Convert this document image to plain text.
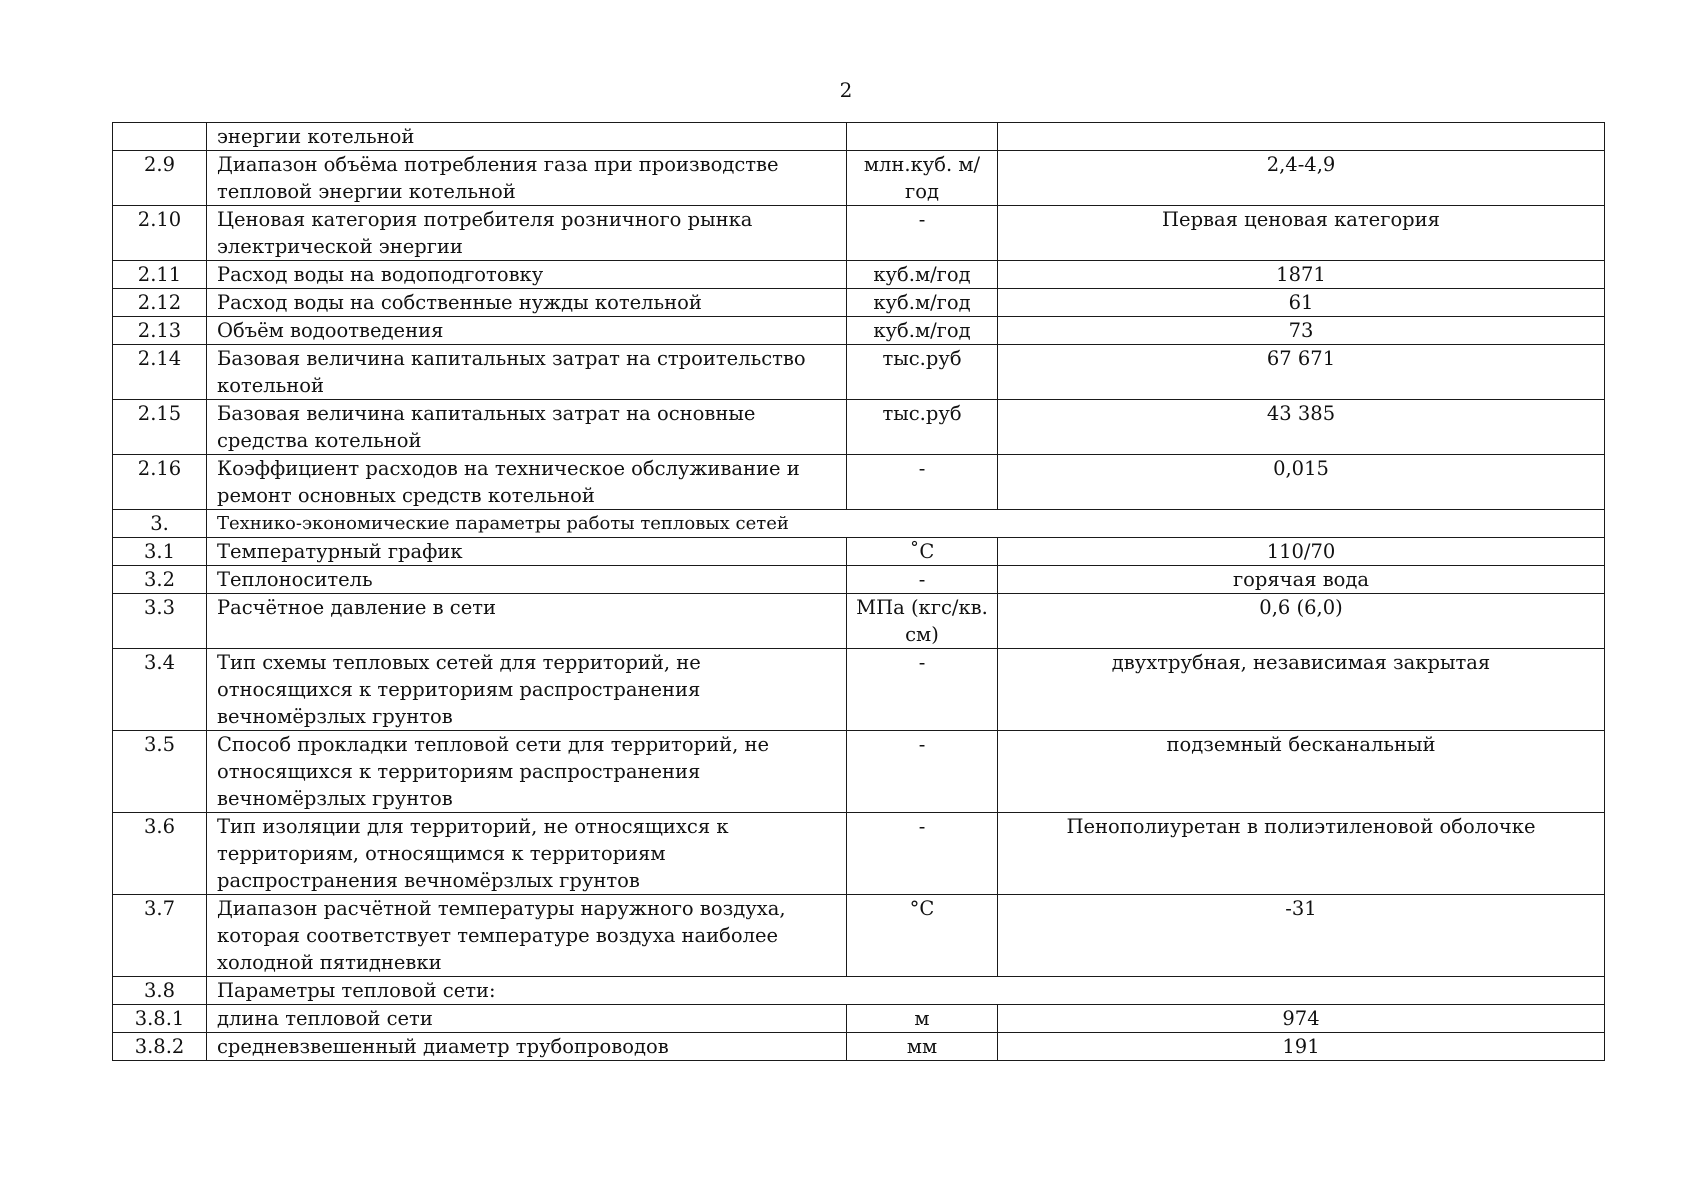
2
	энергии котельной		
2.9	Диапазон объёма потребления газа при производстве тепловой энергии котельной	млн.куб. м/ год	2,4-4,9
2.10	Ценовая категория потребителя розничного рынка электрической энергии	-	Первая ценовая категория
2.11	Расход воды на водоподготовку	куб.м/год	1871
2.12	Расход воды на собственные нужды котельной	куб.м/год	61
2.13	Объём водоотведения	куб.м/год	73
2.14	Базовая величина капитальных затрат на строительство котельной	тыс.руб	67 671
2.15	Базовая величина капитальных затрат на основные средства котельной	тыс.руб	43 385
2.16	Коэффициент расходов на техническое обслуживание и ремонт основных средств котельной	-	0,015
3.	Технико-экономические параметры работы тепловых сетей		
3.1	Температурный график	˚С	110/70
3.2	Теплоноситель	-	горячая вода
3.3	Расчётное давление в сети	МПа (кгс/кв. см)	0,6 (6,0)
3.4	Тип схемы тепловых сетей для территорий, не относящихся к территориям распространения вечномёрзлых грунтов	-	двухтрубная, независимая закрытая
3.5	Способ прокладки тепловой сети для территорий, не относящихся к территориям распространения вечномёрзлых грунтов	-	подземный бесканальный
3.6	Тип изоляции для территорий, не относящихся к территориям, относящимся к территориям распространения вечномёрзлых грунтов	-	Пенополиуретан в полиэтиленовой оболочке
3.7	Диапазон расчётной температуры наружного воздуха, которая соответствует температуре воздуха наиболее холодной пятидневки	°С	-31
3.8	Параметры тепловой сети:		
3.8.1	длина тепловой сети	м	974
3.8.2	средневзвешенный диаметр трубопроводов	мм	191
